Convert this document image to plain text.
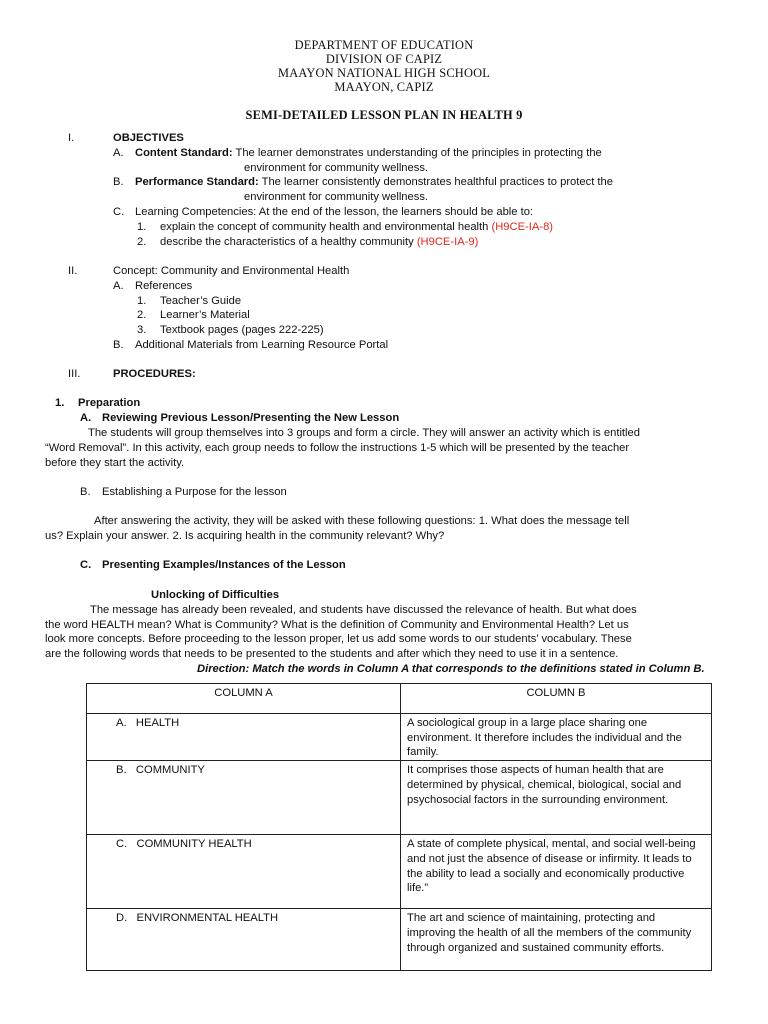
DEPARTMENT OF EDUCATION
DIVISION OF CAPIZ
MAAYON NATIONAL HIGH SCHOOL
MAAYON, CAPIZ
SEMI-DETAILED LESSON PLAN IN HEALTH 9
I.	OBJECTIVES
A. Content Standard: The learner demonstrates understanding of the principles in protecting the
environment for community wellness.
B. Performance Standard: The learner consistently demonstrates healthful practices to protect the
environment for community wellness.
C. Learning Competencies: At the end of the lesson, the learners should be able to:
1. explain the concept of community health and environmental health (H9CE-IA-8)
2. describe the characteristics of a healthy community (H9CE-IA-9)
II.	Concept: Community and Environmental Health
A. References
1. Teacher’s Guide
2. Learner’s Material
3. Textbook pages (pages 222-225)
B. Additional Materials from Learning Resource Portal
III.	PROCEDURES:
1. Preparation
A. Reviewing Previous Lesson/Presenting the New Lesson
The students will group themselves into 3 groups and form a circle. They will answer an activity which is entitled
“Word Removal”. In this activity, each group needs to follow the instructions 1-5 which will be presented by the teacher
before they start the activity.
B. Establishing a Purpose for the lesson
After answering the activity, they will be asked with these following questions: 1. What does the message tell
us? Explain your answer. 2. Is acquiring health in the community relevant? Why?
C. Presenting Examples/Instances of the Lesson
Unlocking of Difficulties
The message has already been revealed, and students have discussed the relevance of health. But what does
the word HEALTH mean? What is Community? What is the definition of Community and Environmental Health? Let us
look more concepts. Before proceeding to the lesson proper, let us add some words to our students’ vocabulary. These
are the following words that needs to be presented to the students and after which they need to use it in a sentence.
Direction: Match the words in Column A that corresponds to the definitions stated in Column B.
COLUMN A	COLUMN B

A. HEALTH	A sociological group in a large place sharing one environment. It therefore includes the individual and the family.

B. COMMUNITY	It comprises those aspects of human health that are determined by physical, chemical, biological, social and psychosocial factors in the surrounding environment.

C. COMMUNITY HEALTH	A state of complete physical, mental, and social well-being and not just the absence of disease or infirmity. It leads to the ability to lead a socially and economically productive life.”

D. ENVIRONMENTAL HEALTH	The art and science of maintaining, protecting and improving the health of all the members of the community through organized and sustained community efforts.
